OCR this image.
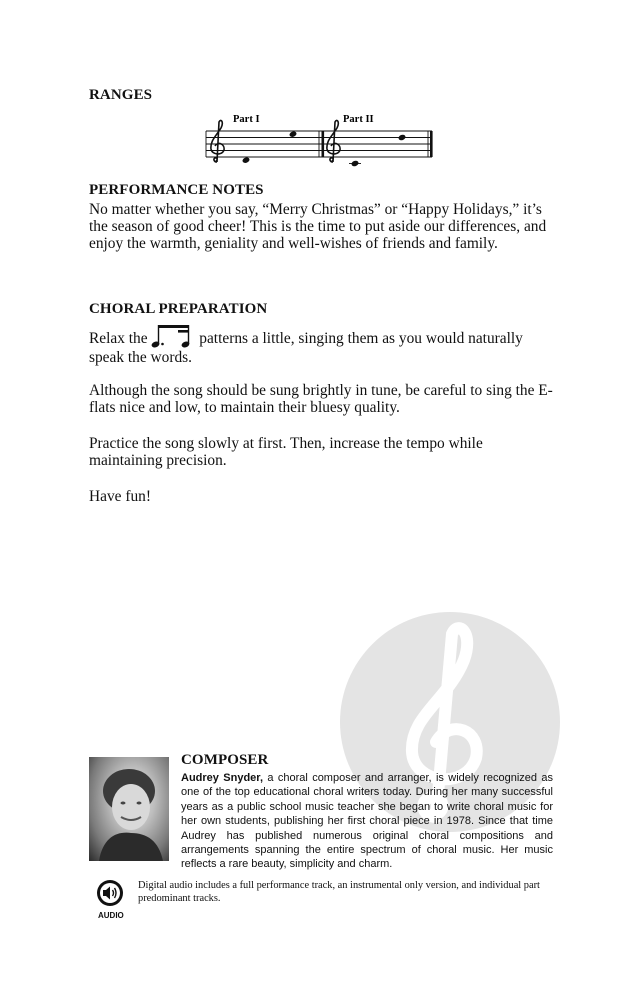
RANGES
Part I	Part II
PERFORMANCE NOTES

No matter whether you say, “Merry Christmas” or “Happy Holidays,” it’s the season of good cheer! This is the time to put aside our differences, and enjoy the warmth, geniality and well-wishes of friends and family.

CHORAL PREPARATION

Relax the	patterns a little, singing them as you would naturally speak the words.

Although the song should be sung brightly in tune, be careful to sing the E-flats nice and low, to maintain their bluesy quality.

Practice the song slowly at first. Then, increase the tempo while maintaining precision.

Have fun!

COMPOSER

Audrey Snyder, a choral composer and arranger, is widely recognized as one of the top educational choral writers today. During her many successful years as a public school music teacher she began to write choral music for her own students, publishing her first choral piece in 1978. Since that time Audrey has published numerous original choral compositions and arrangements spanning the entire spectrum of choral music. Her music reflects a rare beauty, simplicity and charm.

AUDIO

Digital audio includes a full performance track, an instrumental only version, and individual part predominant tracks.
